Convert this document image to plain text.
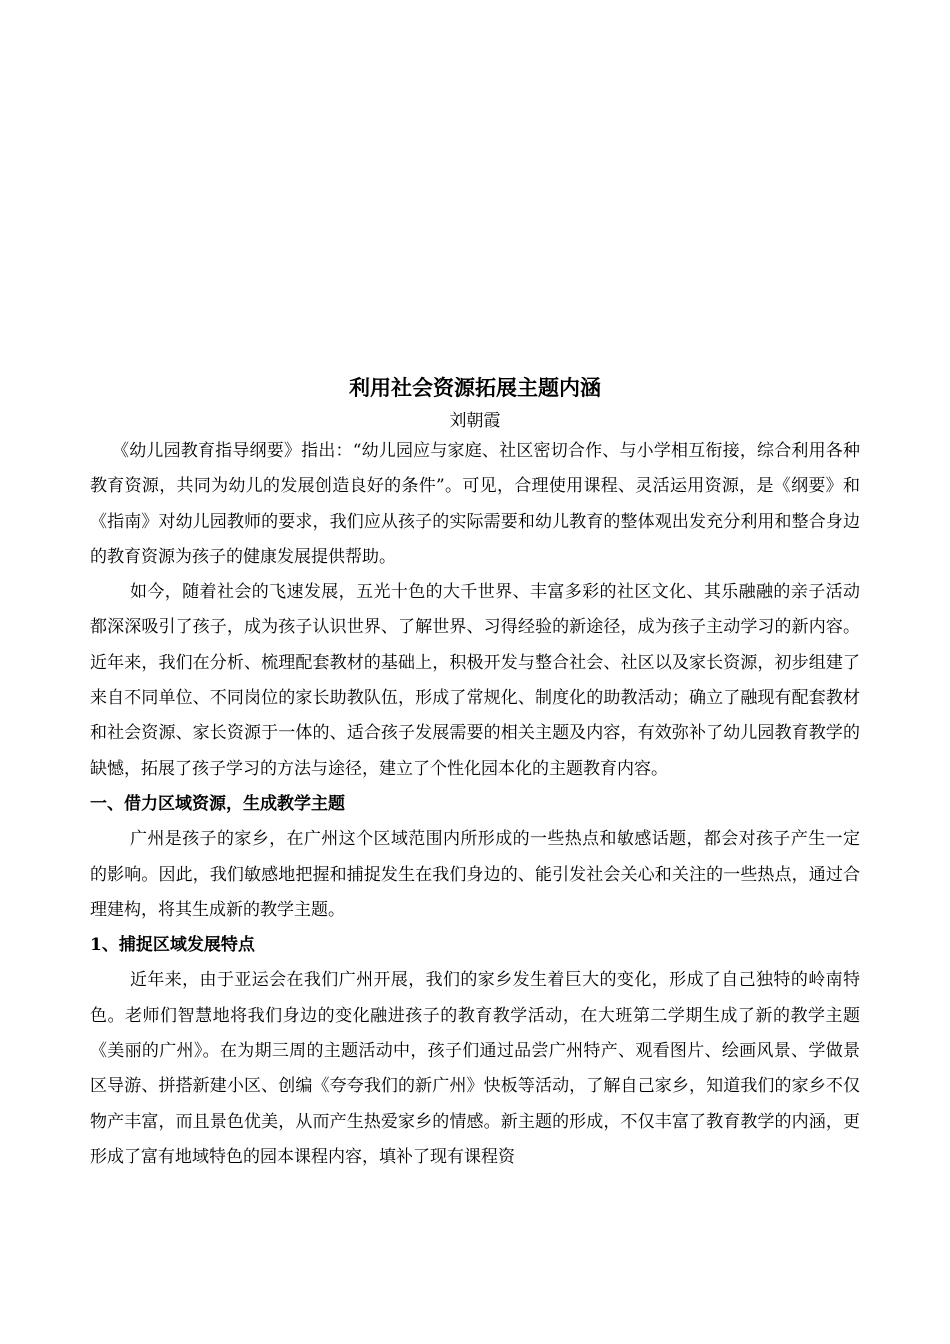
利用社会资源拓展主题内涵

刘朝霞

《幼儿园教育指导纲要》指出：“幼儿园应与家庭、社区密切合作、与小学相互衔接，综合利用各种教育资源，共同为幼儿的发展创造良好的条件”。可见，合理使用课程、灵活运用资源，是《纲要》和《指南》对幼儿园教师的要求，我们应从孩子的实际需要和幼儿教育的整体观出发充分利用和整合身边的教育资源为孩子的健康发展提供帮助。

如今，随着社会的飞速发展，五光十色的大千世界、丰富多彩的社区文化、其乐融融的亲子活动都深深吸引了孩子，成为孩子认识世界、了解世界、习得经验的新途径，成为孩子主动学习的新内容。近年来，我们在分析、梳理配套教材的基础上，积极开发与整合社会、社区以及家长资源，初步组建了来自不同单位、不同岗位的家长助教队伍，形成了常规化、制度化的助教活动；确立了融现有配套教材和社会资源、家长资源于一体的、适合孩子发展需要的相关主题及内容，有效弥补了幼儿园教育教学的缺憾，拓展了孩子学习的方法与途径，建立了个性化园本化的主题教育内容。

一、借力区域资源，生成教学主题

广州是孩子的家乡，在广州这个区域范围内所形成的一些热点和敏感话题，都会对孩子产生一定的影响。因此，我们敏感地把握和捕捉发生在我们身边的、能引发社会关心和关注的一些热点，通过合理建构，将其生成新的教学主题。

1、捕捉区域发展特点

近年来，由于亚运会在我们广州开展，我们的家乡发生着巨大的变化，形成了自己独特的岭南特色。老师们智慧地将我们身边的变化融进孩子的教育教学活动，在大班第二学期生成了新的教学主题《美丽的广州》。在为期三周的主题活动中，孩子们通过品尝广州特产、观看图片、绘画风景、学做景区导游、拼搭新建小区、创编《夸夸我们的新广州》快板等活动，了解自己家乡，知道我们的家乡不仅物产丰富，而且景色优美，从而产生热爱家乡的情感。新主题的形成，不仅丰富了教育教学的内涵，更形成了富有地域特色的园本课程内容，填补了现有课程资
